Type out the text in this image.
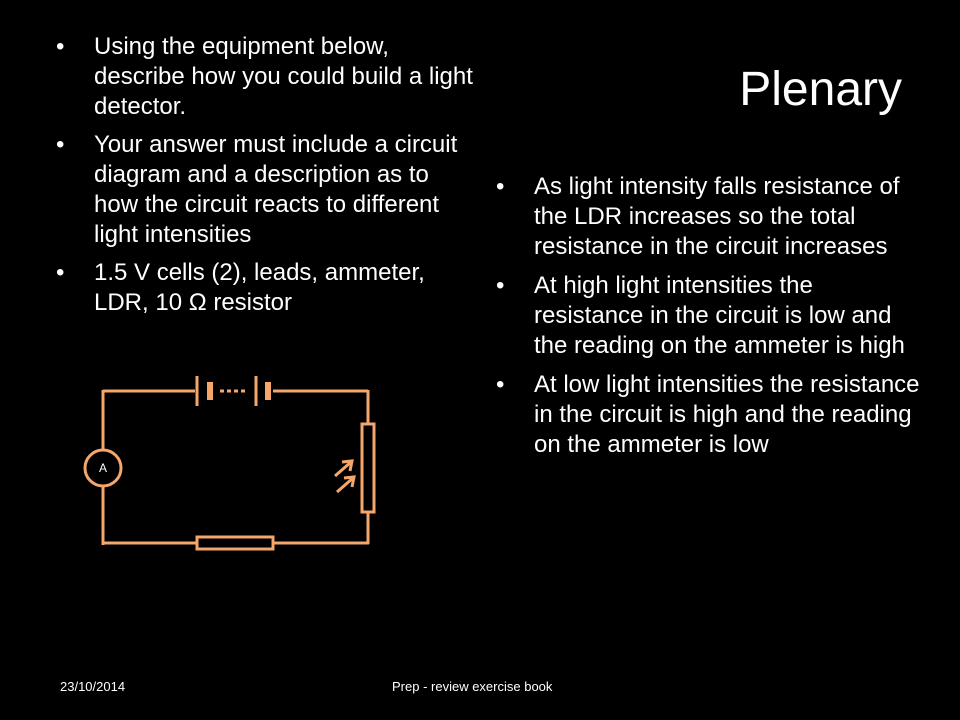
Plenary
• Using the equipment below, describe how you could build a light detector.
• Your answer must include a circuit diagram and a description as to how the circuit reacts to different light intensities
• 1.5 V cells (2), leads, ammeter, LDR, 10 Ω resistor
• As light intensity falls resistance of the LDR increases so the total resistance in the circuit increases
• At high light intensities the resistance in the circuit is low and the reading on the ammeter is high
• At low light intensities the resistance in the circuit is high and the reading on the ammeter is low
A
23/10/2014	Prep - review exercise book
